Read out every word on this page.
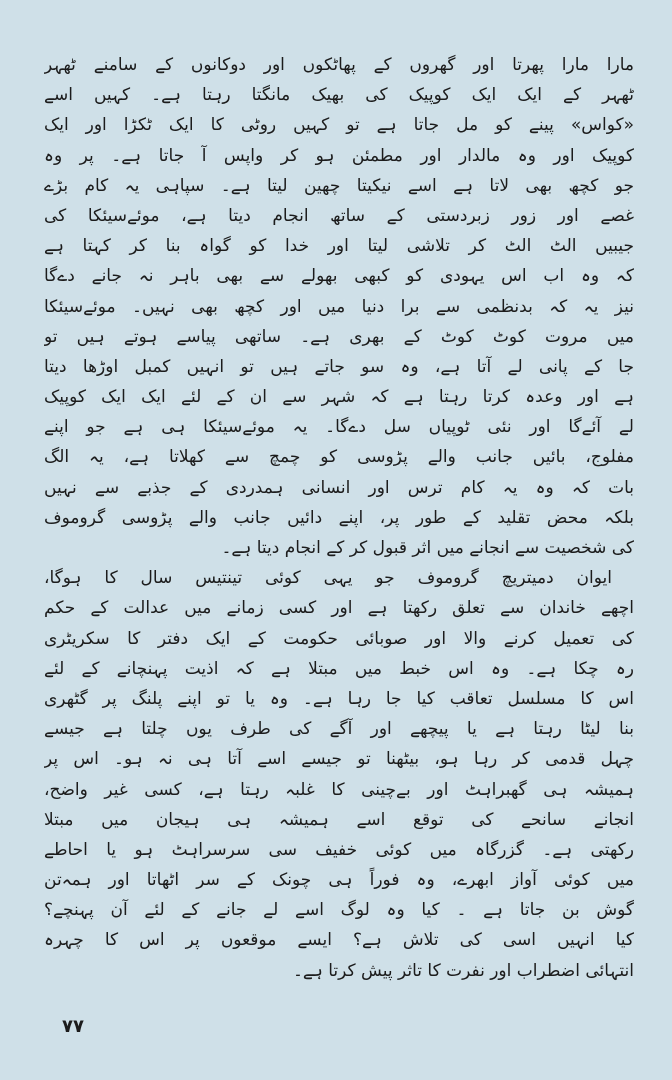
مارا مارا پھرتا اور گھروں کے پھاٹکوں اور دوکانوں کے سامنے ٹھہر
ٹھہر کے ایک ایک کوپیک کی بھیک مانگتا رہتا ہے۔ کہیں اسے
«کواس» پینے کو مل جاتا ہے تو کہیں روٹی کا ایک ٹکڑا اور ایک
کوپیک اور وہ مالدار اور مطمئن ہو کر واپس آ جاتا ہے۔ پر وہ
جو کچھ بھی لاتا ہے اسے نیکیتا چھین لیتا ہے۔ سپاہی یہ کام بڑے
غصے اور زور زبردستی کے ساتھ انجام دیتا ہے، موئےسیئکا کی
جیبیں الٹ الٹ کر تلاشی لیتا اور خدا کو گواہ بنا کر کہتا ہے
کہ وہ اب اس یہودی کو کبھی بھولے سے بھی باہر نہ جانے دےگا
نیز یہ کہ بدنظمی سے برا دنیا میں اور کچھ بھی نہیں۔ موئےسیئکا
میں مروت کوٹ کوٹ کے بھری ہے۔ ساتھی پیاسے ہوتے ہیں تو
جا کے پانی لے آتا ہے، وہ سو جاتے ہیں تو انہیں کمبل اوڑھا دیتا
ہے اور وعدہ کرتا رہتا ہے کہ شہر سے ان کے لئے ایک ایک کوپیک
لے آئےگا اور نئی ٹوپیاں سل دےگا۔ یہ موئےسیئکا ہی ہے جو اپنے
مفلوج، بائیں جانب والے پڑوسی کو چمچ سے کھلاتا ہے، یہ الگ
بات کہ وہ یہ کام ترس اور انسانی ہمدردی کے جذبے سے نہیں
بلکہ محض تقلید کے طور پر، اپنے دائیں جانب والے پڑوسی گروموف
کی شخصیت سے انجانے میں اثر قبول کر کے انجام دیتا ہے۔
ایوان دمیتریچ گروموف جو یہی کوئی تینتیس سال کا ہوگا،
اچھے خاندان سے تعلق رکھتا ہے اور کسی زمانے میں عدالت کے حکم
کی تعمیل کرنے والا اور صوبائی حکومت کے ایک دفتر کا سکریٹری
رہ چکا ہے۔ وہ اس خبط میں مبتلا ہے کہ اذیت پہنچانے کے لئے
اس کا مسلسل تعاقب کیا جا رہا ہے۔ وہ یا تو اپنے پلنگ پر گٹھری
بنا لیٹا رہتا ہے یا پیچھے اور آگے کی طرف یوں چلتا ہے جیسے
چہل قدمی کر رہا ہو، بیٹھنا تو جیسے اسے آتا ہی نہ ہو۔ اس پر
ہمیشہ ہی گھبراہٹ اور بےچینی کا غلبہ رہتا ہے، کسی غیر واضح،
انجانے سانحے کی توقع اسے ہمیشہ ہی ہیجان میں مبتلا
رکھتی ہے۔ گزرگاہ میں کوئی خفیف سی سرسراہٹ ہو یا احاطے
میں کوئی آواز ابھرے، وہ فوراً ہی چونک کے سر اٹھاتا اور ہمہ‌تن
گوش بن جاتا ہے ۔ کیا وہ لوگ اسے لے جانے کے لئے آن پہنچے؟
کیا انہیں اسی کی تلاش ہے؟ ایسے موقعوں پر اس کا چہرہ
انتہائی اضطراب اور نفرت کا تاثر پیش کرتا ہے۔
٧٧
